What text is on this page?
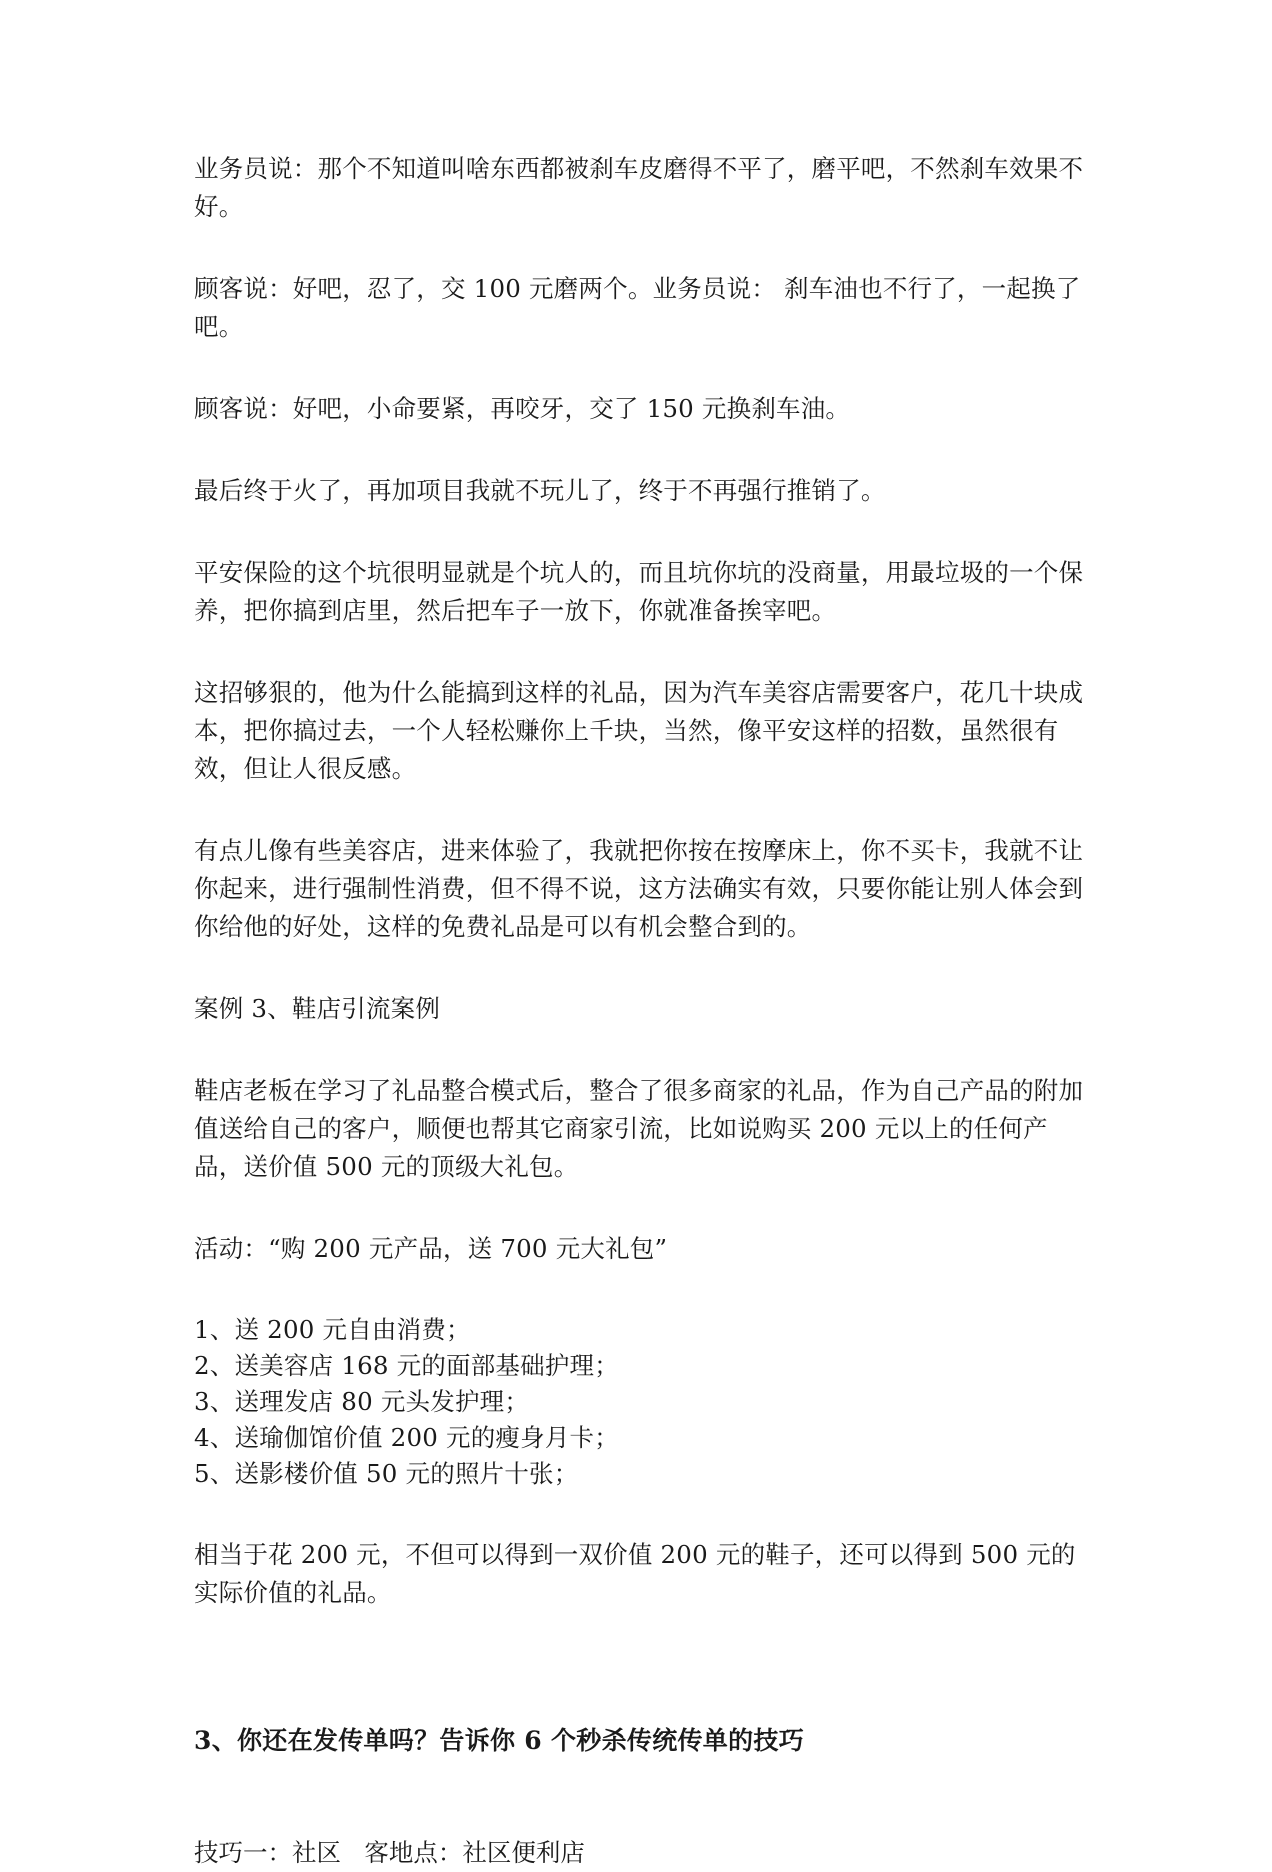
业务员说：那个不知道叫啥东西都被刹车皮磨得不平了，磨平吧，不然刹车效果不好。

顾客说：好吧，忍了，交 100 元磨两个。业务员说： 刹车油也不行了，一起换了吧。

顾客说：好吧，小命要紧，再咬牙，交了 150 元换刹车油。

最后终于火了，再加项目我就不玩儿了，终于不再强行推销了。

平安保险的这个坑很明显就是个坑人的，而且坑你坑的没商量，用最垃圾的一个保养，把你搞到店里，然后把车子一放下，你就准备挨宰吧。

这招够狠的，他为什么能搞到这样的礼品，因为汽车美容店需要客户，花几十块成本，把你搞过去，一个人轻松赚你上千块，当然，像平安这样的招数，虽然很有效，但让人很反感。

有点儿像有些美容店，进来体验了，我就把你按在按摩床上，你不买卡，我就不让你起来，进行强制性消费，但不得不说，这方法确实有效，只要你能让别人体会到你给他的好处，这样的免费礼品是可以有机会整合到的。

案例 3、鞋店引流案例

鞋店老板在学习了礼品整合模式后，整合了很多商家的礼品，作为自己产品的附加值送给自己的客户，顺便也帮其它商家引流，比如说购买 200 元以上的任何产品，送价值 500 元的顶级大礼包。

活动：“购 200 元产品，送 700 元大礼包”

1、送 200 元自由消费；
2、送美容店 168 元的面部基础护理；
3、送理发店 80 元头发护理；
4、送瑜伽馆价值 200 元的瘦身月卡；
5、送影楼价值 50 元的照片十张；

相当于花 200 元，不但可以得到一双价值 200 元的鞋子，还可以得到 500 元的实际价值的礼品。

3、你还在发传单吗？告诉你 6 个秒杀传统传单的技巧

技巧一：社区   客地点：社区便利店
